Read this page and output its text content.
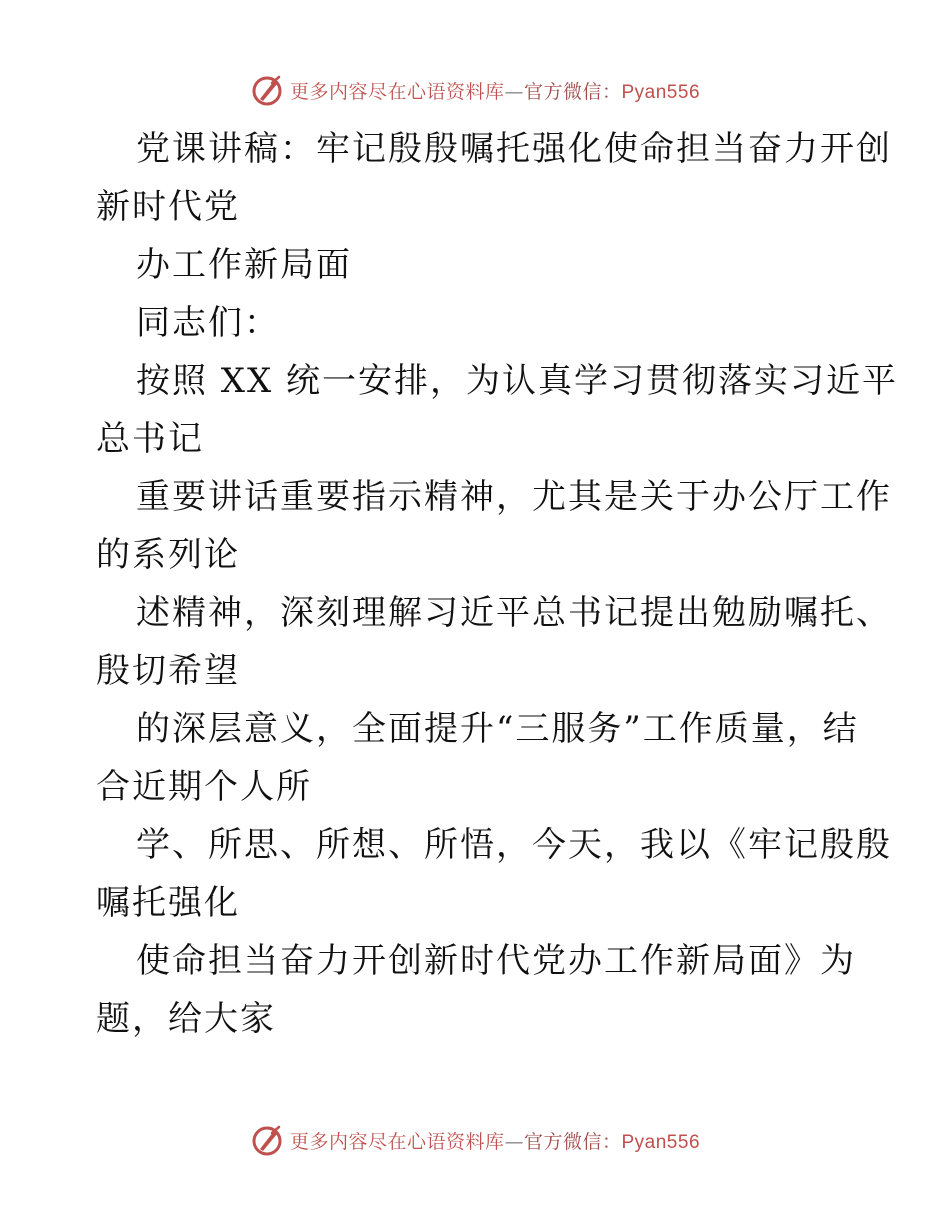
更多内容尽在心语资料库—官方微信：Pyan556
党课讲稿：牢记殷殷嘱托强化使命担当奋力开创
新时代党
办工作新局面
同志们：
按照 XX 统一安排，为认真学习贯彻落实习近平
总书记
重要讲话重要指示精神，尤其是关于办公厅工作
的系列论
述精神，深刻理解习近平总书记提出勉励嘱托、
殷切希望
的深层意义，全面提升“三服务”工作质量，结
合近期个人所
学、所思、所想、所悟，今天，我以《牢记殷殷
嘱托强化
使命担当奋力开创新时代党办工作新局面》为
题，给大家
更多内容尽在心语资料库—官方微信：Pyan556
